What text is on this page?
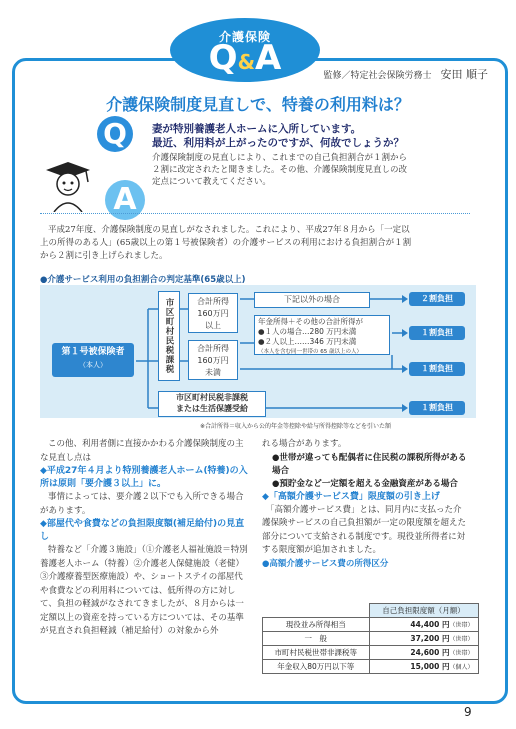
介護保険
Q&A	監修／特定社会保険労務士　 安田 順子
介護保険制度見直しで、特養の利用料は？
Q	妻が特別養護老人ホームに入所しています。
最近、利用料が上がったのですが、何故でしょうか？
介護保険制度の見直しにより、これまでの自己負担割合が１割から
２割に改定されたと聞きました。その他、介護保険制度見直しの改
定点について教えてください。
A
平成27年度、介護保険制度の見直しがなされました。これにより、平成27年８月から「一定以
上の所得のある人」(65歳以上の第１号被保険者）の介護サービスの利用における負担割合が１割
から２割に引き上げられました。
●介護サービス利用の負担割合の判定基準(65歳以上)
第１号被保険者
（本人）	市区町村民税課税	合計所得
160万円
以上
合計所得
160万円
未満
下記以外の場合
年金所得＋その他の合計所得が
●１人の場合…280 万円未満
●２人以上……346 万円未満
（本人を含む同一世帯の 65 歳以上の人）
市区町村民税非課税
または生活保護受給
２割負担
１割負担
１割負担
１割負担
※合計所得＝収入から公的年金等控除や給与所得控除等などを引いた額
この他、利用者側に直接かかわる介護保険制度の主な見直し点は
◆平成27年４月より特別養護老人ホーム(特養)の入所は原則「要介護３以上」に。
事情によっては、要介護２以下でも入所できる場合があります。
◆部屋代や食費などの負担限度額(補足給付)の見直し
特養など「介護３施設」（①介護老人福祉施設＝特別養護老人ホーム（特養）②介護老人保健施設（老健）③介護療養型医療施設）や、ショートステイの部屋代や食費などの利用料については、低所得の方に対して、負担の軽減がなされてきましたが、８月からは一定額以上の資産を持っている方については、その基準が見直され負担軽減（補足給付）の対象から外
れる場合があります。
●世帯が違っても配偶者に住民税の課税所得がある場合
●預貯金など一定額を超える金融資産がある場合
◆「高額介護サービス費」限度額の引き上げ
「高額介護サービス費」とは、同月内に支払った介護保険サービスの自己負担額が一定の限度額を超えた部分について支給される制度です。現役並所得者に対する限度額が追加されました。
●高額介護サービス費の所得区分
	自己負担限度額（月額）
現役並み所得相当	44,400 円（世帯）
一　般	37,200 円（世帯）
市町村民税世帯非課税等	24,600 円（世帯）
年金収入80万円以下等	15,000 円（個人）
9
